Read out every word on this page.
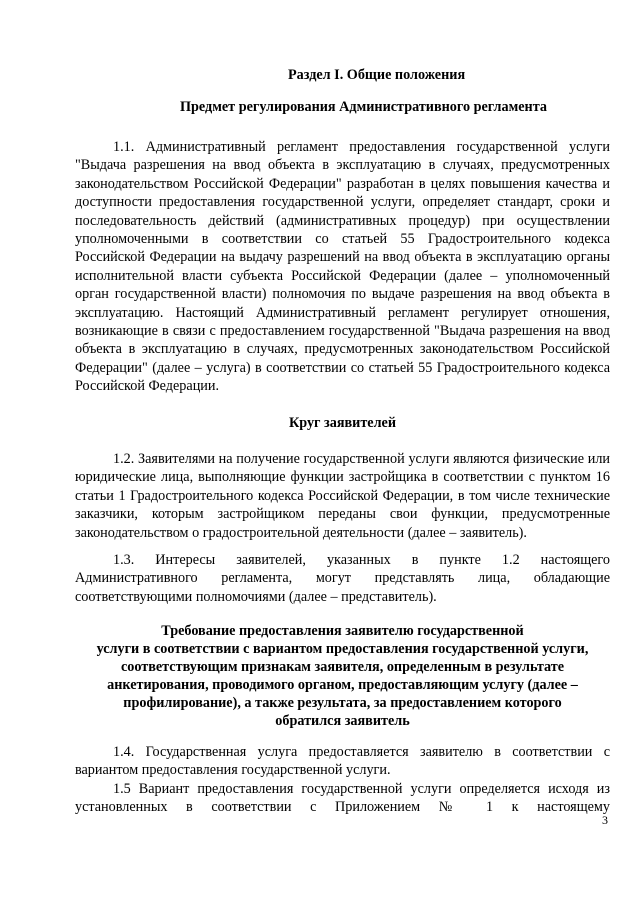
Раздел I. Общие положения

Предмет регулирования Административного регламента

1.1. Административный регламент предоставления государственной услуги "Выдача разрешения на ввод объекта в эксплуатацию в случаях, предусмотренных законодательством Российской Федерации" разработан в целях повышения качества и доступности предоставления государственной услуги, определяет стандарт, сроки и последовательность действий (административных процедур) при осуществлении уполномоченными в соответствии со статьей 55 Градостроительного кодекса Российской Федерации на выдачу разрешений на ввод объекта в эксплуатацию органы исполнительной власти субъекта Российской Федерации (далее – уполномоченный орган государственной власти) полномочия по выдаче разрешения на ввод объекта в эксплуатацию. Настоящий Административный регламент регулирует отношения, возникающие в связи с предоставлением государственной "Выдача разрешения на ввод объекта в эксплуатацию в случаях, предусмотренных законодательством Российской Федерации" (далее – услуга) в соответствии со статьей 55 Градостроительного кодекса Российской Федерации.

Круг заявителей

1.2. Заявителями на получение государственной услуги являются физические или юридические лица, выполняющие функции застройщика в соответствии с пунктом 16 статьи 1 Градостроительного кодекса Российской Федерации, в том числе технические заказчики, которым застройщиком переданы свои функции, предусмотренные законодательством о градостроительной деятельности (далее – заявитель).

1.3. Интересы заявителей, указанных в пункте 1.2 настоящего Административного регламента, могут представлять лица, обладающие соответствующими полномочиями (далее – представитель).

Требование предоставления заявителю государственной

услуги в соответствии с вариантом предоставления государственной услуги,

соответствующим признакам заявителя, определенным в результате

анкетирования, проводимого органом, предоставляющим услугу (далее –

профилирование), а также результата, за предоставлением которого

обратился заявитель

1.4. Государственная услуга предоставляется заявителю в соответствии с вариантом предоставления государственной услуги.

1.5 Вариант предоставления государственной услуги определяется исходя из установленных в соответствии с Приложением № 1 к настоящему

3
